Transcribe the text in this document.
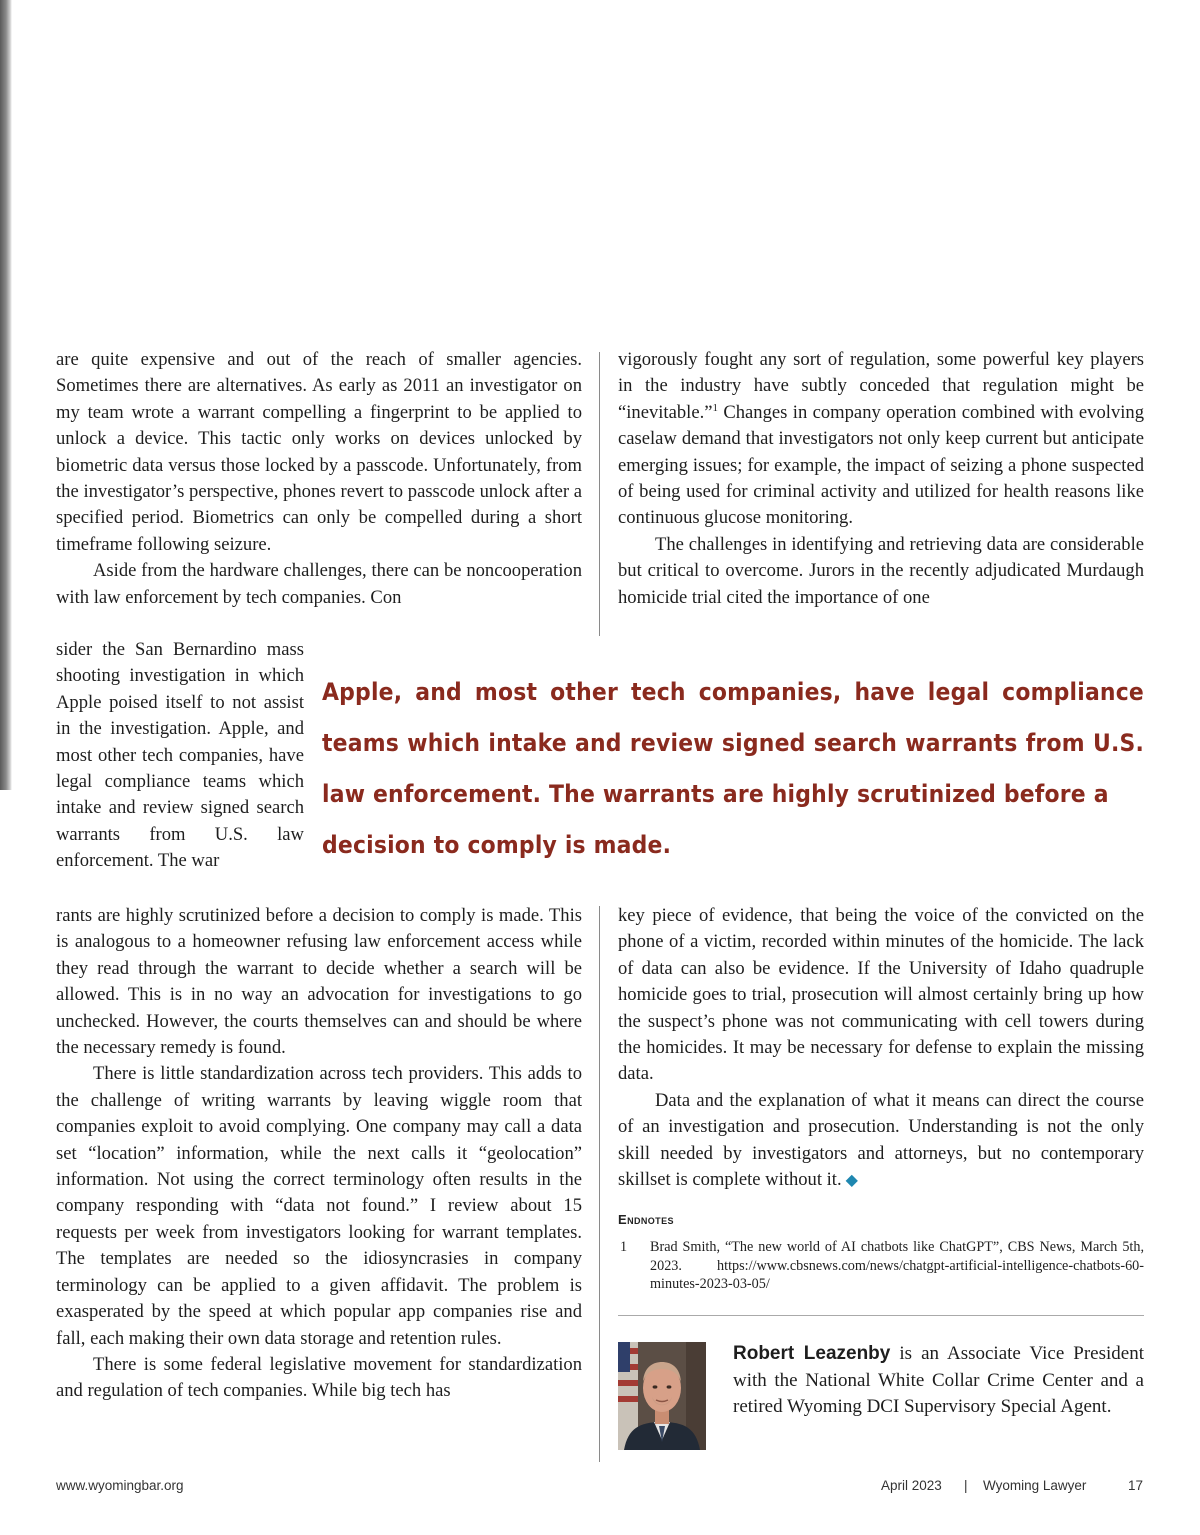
are quite expensive and out of the reach of smaller agencies. Sometimes there are alternatives. As early as 2011 an investigator on my team wrote a warrant compelling a fingerprint to be applied to unlock a device. This tactic only works on devices unlocked by biometric data versus those locked by a passcode. Unfortunately, from the investigator’s perspective, phones revert to passcode unlock after a specified period. Biometrics can only be compelled during a short timeframe following seizure.

Aside from the hardware challenges, there can be noncooperation with law enforcement by tech companies. Con

sider the San Bernardino mass shooting investigation in which Apple poised itself to not assist in the investigation. Apple, and most other tech companies, have legal compliance teams which intake and review signed search warrants from U.S. law enforcement. The war

rants are highly scrutinized before a decision to comply is made. This is analogous to a homeowner refusing law enforcement access while they read through the warrant to decide whether a search will be allowed. This is in no way an advocation for investigations to go unchecked. However, the courts themselves can and should be where the necessary remedy is found.

There is little standardization across tech providers. This adds to the challenge of writing warrants by leaving wiggle room that companies exploit to avoid complying. One company may call a data set “location” information, while the next calls it “geolocation” information. Not using the correct terminology often results in the company responding with “data not found.” I review about 15 requests per week from investigators looking for warrant templates. The templates are needed so the idiosyncrasies in company terminology can be applied to a given affidavit. The problem is exasperated by the speed at which popular app companies rise and fall, each making their own data storage and retention rules.

There is some federal legislative movement for standardization and regulation of tech companies. While big tech has

vigorously fought any sort of regulation, some powerful key players in the industry have subtly conceded that regulation might be “inevitable.”$^1$ Changes in company operation combined with evolving caselaw demand that investigators not only keep current but anticipate emerging issues; for example, the impact of seizing a phone suspected of being used for criminal activity and utilized for health reasons like continuous glucose monitoring.

The challenges in identifying and retrieving data are considerable but critical to overcome. Jurors in the recently adjudicated Murdaugh homicide trial cited the importance of one

Apple, and most other tech companies, have legal compliance teams which intake and review signed search warrants from U.S. law enforcement. The warrants are highly scrutinized before a
decision to comply is made.

key piece of evidence, that being the voice of the convicted on the phone of a victim, recorded within minutes of the homicide. The lack of data can also be evidence. If the University of Idaho quadruple homicide goes to trial, prosecution will almost certainly bring up how the suspect’s phone was not communicating with cell towers during the homicides. It may be necessary for defense to explain the missing data.

Data and the explanation of what it means can direct the course of an investigation and prosecution. Understanding is not the only skill needed by investigators and attorneys, but no contemporary skillset is complete without it. ◆

Endnotes
1 Brad Smith, “The new world of AI chatbots like ChatGPT”, CBS News, March 5th, 2023. https://www.cbsnews.com/news/chatgpt-artificial-intelligence-chatbots-60-minutes-2023-03-05/
Robert Leazenby is an Associate Vice President with the National White Collar Crime Center and a retired Wyoming DCI Supervisory Special Agent.
www.wyomingbar.org	April 2023 | Wyoming Lawyer	17
